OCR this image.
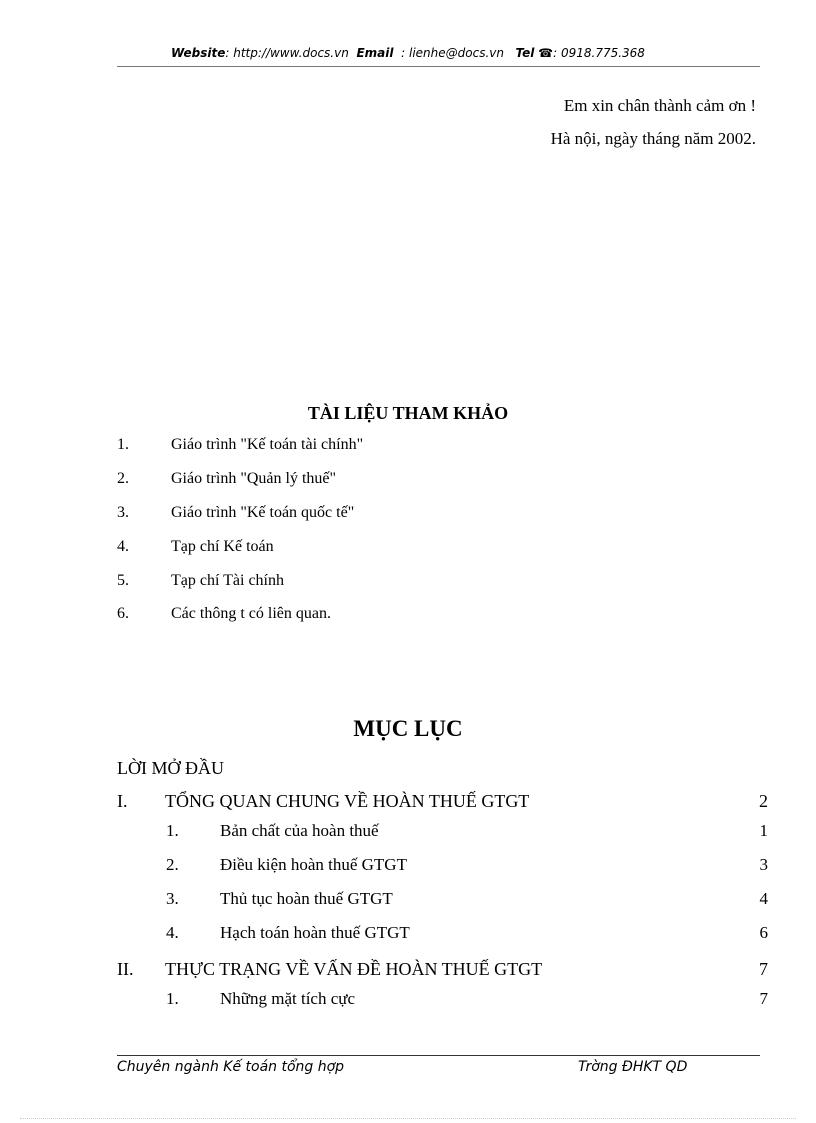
Website: http://www.docs.vn Email : lienhe@docs.vn Tel ☎: 0918.775.368
Em xin chân thành cảm ơn !
Hà nội, ngày tháng năm 2002.
TÀI LIỆU THAM KHẢO
1.	Giáo trình "Kế toán tài chính"
2.	Giáo trình "Quản lý thuế"
3.	Giáo trình "Kế toán quốc tế"
4.	Tạp chí Kế toán
5.	Tạp chí Tài chính
6.	Các thông t có liên quan.
MỤC LỤC
LỜI MỞ ĐẦU
I. TỔNG QUAN CHUNG VỀ HOÀN THUẾ GTGT	2
1. Bản chất của hoàn thuế	1
2. Điều kiện hoàn thuế GTGT	3
3. Thủ tục hoàn thuế GTGT	4
4. Hạch toán hoàn thuế GTGT	6
II. THỰC TRẠNG VỀ VẤN ĐỀ HOÀN THUẾ GTGT	7
1. Những mặt tích cực	7
Chuyên ngành Kế toán tổng hợp	Trờng ĐHKT QD
